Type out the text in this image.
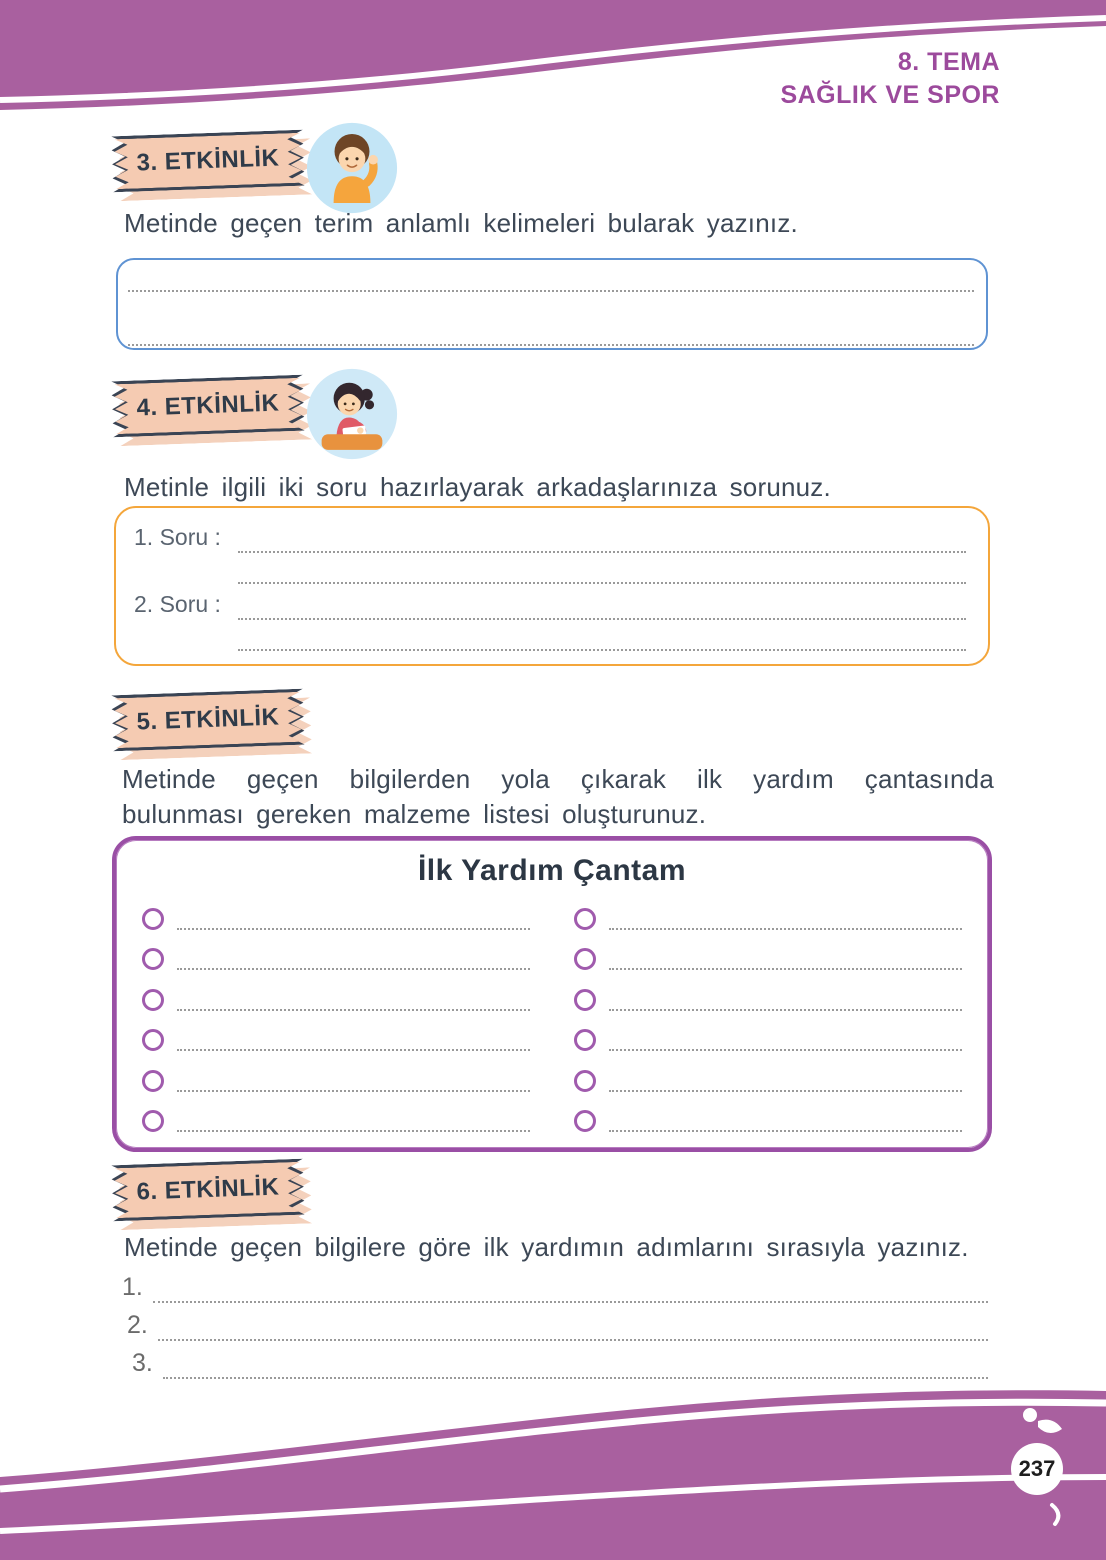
8. TEMA
SAĞLIK VE SPOR
3. ETKİNLİK

Metinde geçen terim anlamlı kelimeleri bularak yazınız.

4. ETKİNLİK

Metinle ilgili iki soru hazırlayarak arkadaşlarınıza sorunuz.

1. Soru :
2. Soru :
5. ETKİNLİK

Metinde geçen bilgilerden yola çıkarak ilk yardım çantasında bulunması gereken malzeme listesi oluşturunuz.

İlk Yardım Çantam
6. ETKİNLİK

Metinde geçen bilgilere göre ilk yardımın adımlarını sırasıyla yazınız.

1.
2.
3.
237
